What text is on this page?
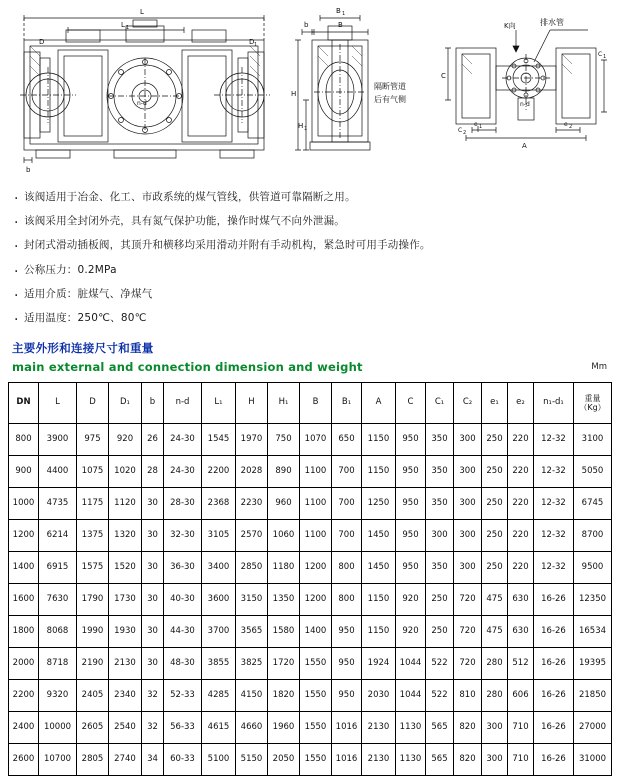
L
L 1
b
D	D 1
n-d
B 1
b	B
H
H 1
K向
C
A
e 1	e 2
n-d
C 1
C 2
隔断管道
后有气侧
排水管
· 该阀适用于冶金、化工、市政系统的煤气管线，供管道可靠隔断之用。
· 该阀采用全封闭外壳，具有氮气保护功能，操作时煤气不向外泄漏。
· 封闭式滑动插板阀，其顶升和横移均采用滑动并附有手动机构，紧急时可用手动操作。
· 公称压力：0.2MPa
· 适用介质：脏煤气、净煤气
· 适用温度：250℃、80℃
主要外形和连接尺寸和重量
main external and connection dimension and weight	Mm
DN	L	D	D₁	b	n-d	L₁	H	H₁	B	B₁	A	C	C₁	C₂	e₁	e₂	n₁-d₁	重量
（Kg）

800	3900	975	920	26	24-30	1545	1970	750	1070	650	1150	950	350	300	250	220	12-32	3100
900	4400	1075	1020	28	24-30	2200	2028	890	1100	700	1150	950	350	300	250	220	12-32	5050
1000	4735	1175	1120	30	28-30	2368	2230	960	1100	700	1250	950	350	300	250	220	12-32	6745
1200	6214	1375	1320	30	32-30	3105	2570	1060	1100	700	1450	950	300	300	250	220	12-32	8700
1400	6915	1575	1520	30	36-30	3400	2850	1180	1200	800	1450	950	350	300	250	220	12-32	9500
1600	7630	1790	1730	30	40-30	3600	3150	1350	1200	800	1150	920	250	720	475	630	16-26	12350
1800	8068	1990	1930	30	44-30	3700	3565	1580	1400	950	1150	920	250	720	475	630	16-26	16534
2000	8718	2190	2130	30	48-30	3855	3825	1720	1550	950	1924	1044	522	720	280	512	16-26	19395
2200	9320	2405	2340	32	52-33	4285	4150	1820	1550	950	2030	1044	522	810	280	606	16-26	21850
2400	10000	2605	2540	32	56-33	4615	4660	1960	1550	1016	2130	1130	565	820	300	710	16-26	27000
2600	10700	2805	2740	34	60-33	5100	5150	2050	1550	1016	2130	1130	565	820	300	710	16-26	31000
